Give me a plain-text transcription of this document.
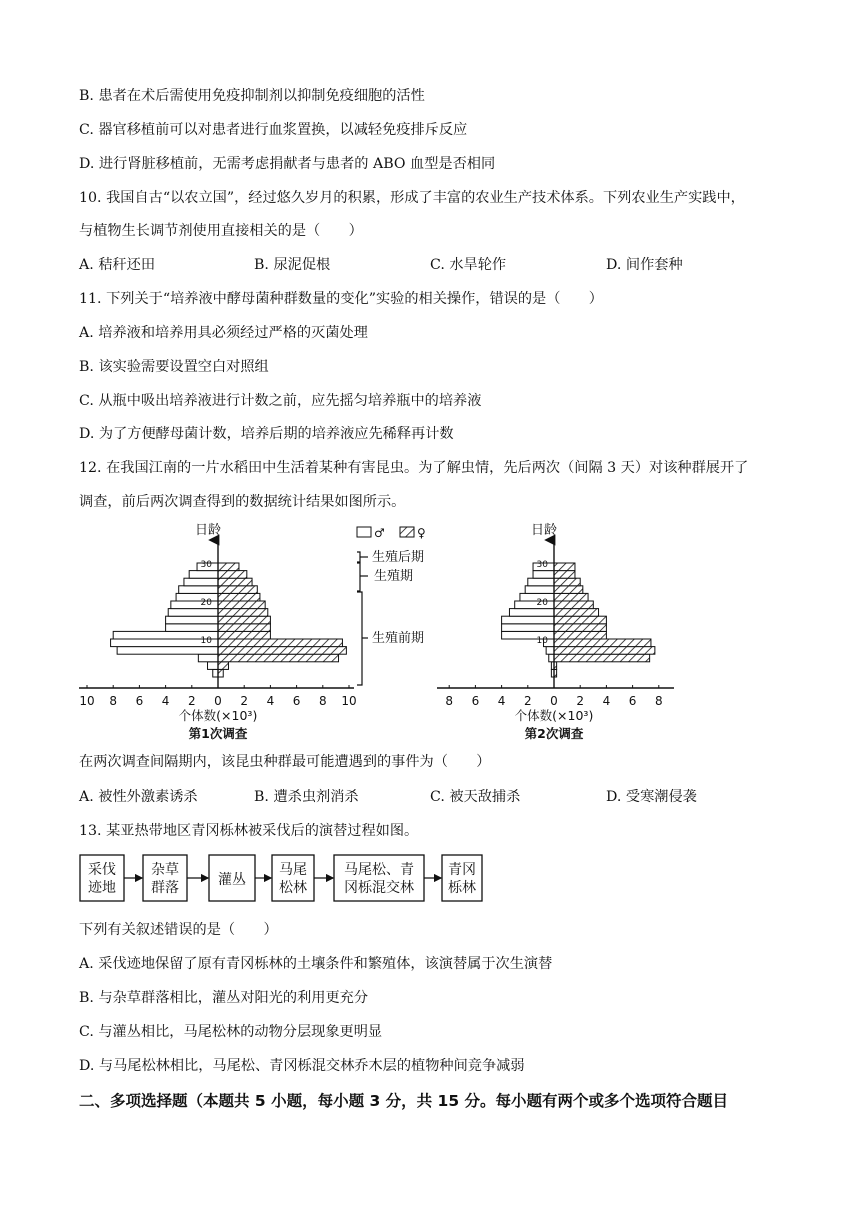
B. 患者在术后需使用免疫抑制剂以抑制免疫细胞的活性
C. 器官移植前可以对患者进行血浆置换，以减轻免疫排斥反应
D. 进行肾脏移植前，无需考虑捐献者与患者的 ABO 血型是否相同
10. 我国自古“以农立国”，经过悠久岁月的积累，形成了丰富的农业生产技术体系。下列农业生产实践中，
与植物生长调节剂使用直接相关的是（　　）
A. 秸秆还田	B. 尿泥促根	C. 水旱轮作	D. 间作套种
11. 下列关于“培养液中酵母菌种群数量的变化”实验的相关操作，错误的是（　　）
A. 培养液和培养用具必须经过严格的灭菌处理
B. 该实验需要设置空白对照组
C. 从瓶中吸出培养液进行计数之前，应先摇匀培养瓶中的培养液
D. 为了方便酵母菌计数，培养后期的培养液应先稀释再计数
12. 在我国江南的一片水稻田中生活着某种有害昆虫。为了解虫情，先后两次（间隔 3 天）对该种群展开了
调查，前后两次调查得到的数据统计结果如图所示。
10
20
30
10 8 6 4 2 0 2 4 6 8 10
日龄
个体数(×10³)
第1次调查
10
20
30
8 6 4 2 0 2 4 6 8
日龄
个体数(×10³)
第2次调查
♂	♀
生殖后期
生殖期
生殖前期
在两次调查间隔期内，该昆虫种群最可能遭遇到的事件为（　　）
A. 被性外激素诱杀	B. 遭杀虫剂消杀	C. 被天敌捕杀	D. 受寒潮侵袭
13. 某亚热带地区青冈栎林被采伐后的演替过程如图。
采伐
迹地
杂草
群落	灌丛
马尾
松林
马尾松、青
冈栎混交林
青冈
栎林
下列有关叙述错误的是（　　）
A. 采伐迹地保留了原有青冈栎林的土壤条件和繁殖体，该演替属于次生演替
B. 与杂草群落相比，灌丛对阳光的利用更充分
C. 与灌丛相比，马尾松林的动物分层现象更明显
D. 与马尾松林相比，马尾松、青冈栎混交林乔木层的植物种间竞争减弱
二、多项选择题（本题共 5 小题，每小题 3 分，共 15 分。每小题有两个或多个选项符合题目
